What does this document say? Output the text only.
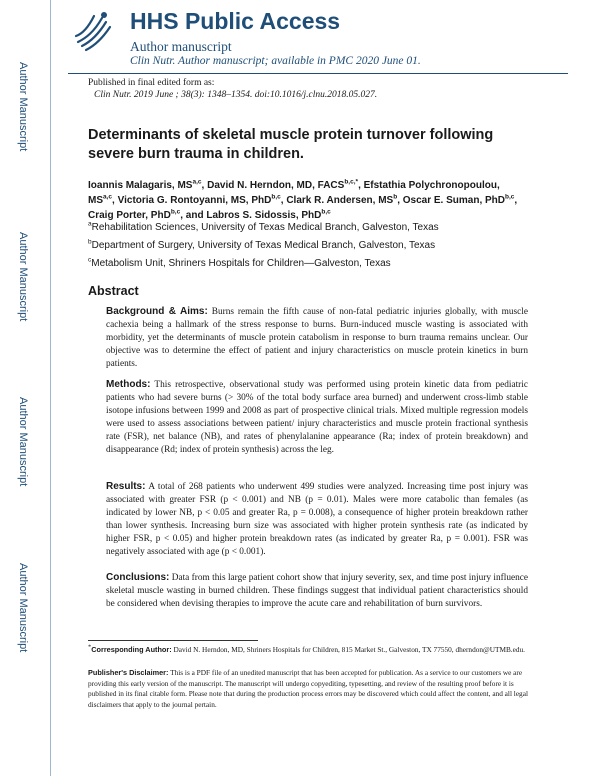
Author Manuscript
Author Manuscript
Author Manuscript
Author Manuscript
HHS Public Access
Author manuscript
Clin Nutr. Author manuscript; available in PMC 2020 June 01.
Published in final edited form as:
Clin Nutr. 2019 June ; 38(3): 1348–1354. doi:10.1016/j.clnu.2018.05.027.
Determinants of skeletal muscle protein turnover following severe burn trauma in children.
Ioannis Malagaris, MS$^{a,c}$, David N. Herndon, MD, $FACS^{b,c,*}$, Efstathia Polychronopoulou, MS$^{a,c}$, Victoria G. Rontoyanni, MS, PhD$^{b,c}$, Clark R. Andersen, $MS^b$, Oscar E. Suman, PhD$^{b,c}$, Craig Porter, PhD$^{b,c}$, and Labros S. Sidossis, PhD$^{b,c}$
$^a$Rehabilitation Sciences, University of Texas Medical Branch, Galveston, Texas
$^b$Department of Surgery, University of Texas Medical Branch, Galveston, Texas
$^c$Metabolism Unit, Shriners Hospitals for Children—Galveston, Texas
Abstract
Background & Aims: Burns remain the fifth cause of non-fatal pediatric injuries globally, with muscle cachexia being a hallmark of the stress response to burns. Burn-induced muscle wasting is associated with morbidity, yet the determinants of muscle protein catabolism in response to burn trauma remains unclear. Our objective was to determine the effect of patient and injury characteristics on muscle protein kinetics in burn patients.
Methods: This retrospective, observational study was performed using protein kinetic data from pediatric patients who had severe burns (> 30% of the total body surface area burned) and underwent cross-limb stable isotope infusions between 1999 and 2008 as part of prospective clinical trials. Mixed multiple regression models were used to assess associations between patient/ injury characteristics and muscle protein fractional synthesis rate (FSR), net balance (NB), and rates of phenylalanine appearance (Ra; index of protein breakdown) and disappearance (Rd; index of protein synthesis) across the leg.
Results: A total of 268 patients who underwent 499 studies were analyzed. Increasing time post injury was associated with greater FSR (p < 0.001) and NB (p = 0.01). Males were more catabolic than females (as indicated by lower NB, p < 0.05 and greater Ra, p = 0.008), a consequence of higher protein breakdown rather than lower synthesis. Increasing burn size was associated with higher protein synthesis rate (as indicated by higher FSR, p < 0.05) and higher protein breakdown rates (as indicated by greater Ra, p = 0.001). FSR was negatively associated with age (p < 0.001).
Conclusions: Data from this large patient cohort show that injury severity, sex, and time post injury influence skeletal muscle wasting in burned children. These findings suggest that individual patient characteristics should be considered when devising therapies to improve the acute care and rehabilitation of burn survivors.
*Corresponding Author: David N. Herndon, MD, Shriners Hospitals for Children, 815 Market St., Galveston, TX 77550, dherndon@UTMB.edu.
Publisher's Disclaimer: This is a PDF file of an unedited manuscript that has been accepted for publication. As a service to our customers we are providing this early version of the manuscript. The manuscript will undergo copyediting, typesetting, and review of the resulting proof before it is published in its final citable form. Please note that during the production process errors may be discovered which could affect the content, and all legal disclaimers that apply to the journal pertain.
